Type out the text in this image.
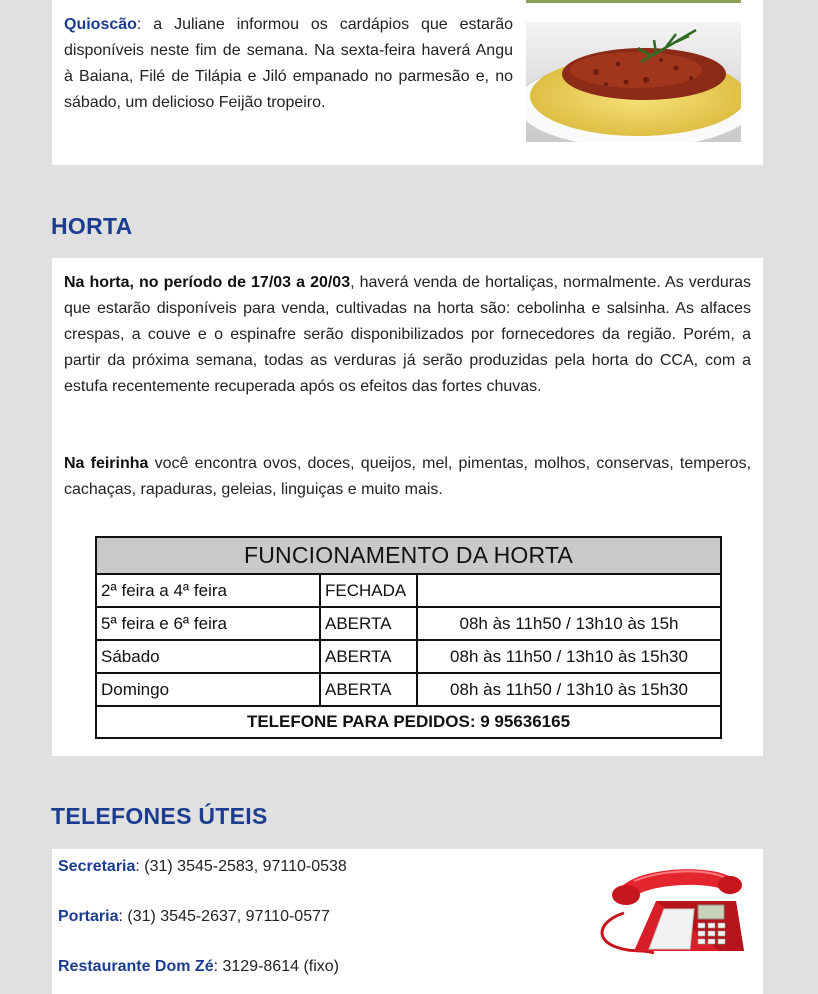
Quioscão: a Juliane informou os cardápios que estarão disponíveis neste fim de semana. Na sexta-feira haverá Angu à Baiana, Filé de Tilápia e Jiló empanado no parmesão e, no sábado, um delicioso Feijão tropeiro.

HORTA

Na horta, no período de 17/03 a 20/03, haverá venda de hortaliças, normalmente. As verduras que estarão disponíveis para venda, cultivadas na horta são: cebolinha e salsinha. As alfaces crespas, a couve e o espinafre serão disponibilizados por fornecedores da região. Porém, a partir da próxima semana, todas as verduras já serão produzidas pela horta do CCA, com a estufa recentemente recuperada após os efeitos das fortes chuvas.

Na feirinha você encontra ovos, doces, queijos, mel, pimentas, molhos, conservas, temperos, cachaças, rapaduras, geleias, linguiças e muito mais.

FUNCIONAMENTO DA HORTA		
2ª feira a 4ª feira	FECHADA	
5ª feira e 6ª feira	ABERTA	08h às 11h50 / 13h10 às 15h
Sábado	ABERTA	08h às 11h50 / 13h10 às 15h30
Domingo	ABERTA	08h às 11h50 / 13h10 às 15h30
TELEFONE PARA PEDIDOS: 9 95636165		
TELEFONES ÚTEIS

Secretaria: (31) 3545-2583, 97110-0538

Portaria: (31) 3545-2637, 97110-0577

Restaurante Dom Zé: 3129-8614 (fixo)
